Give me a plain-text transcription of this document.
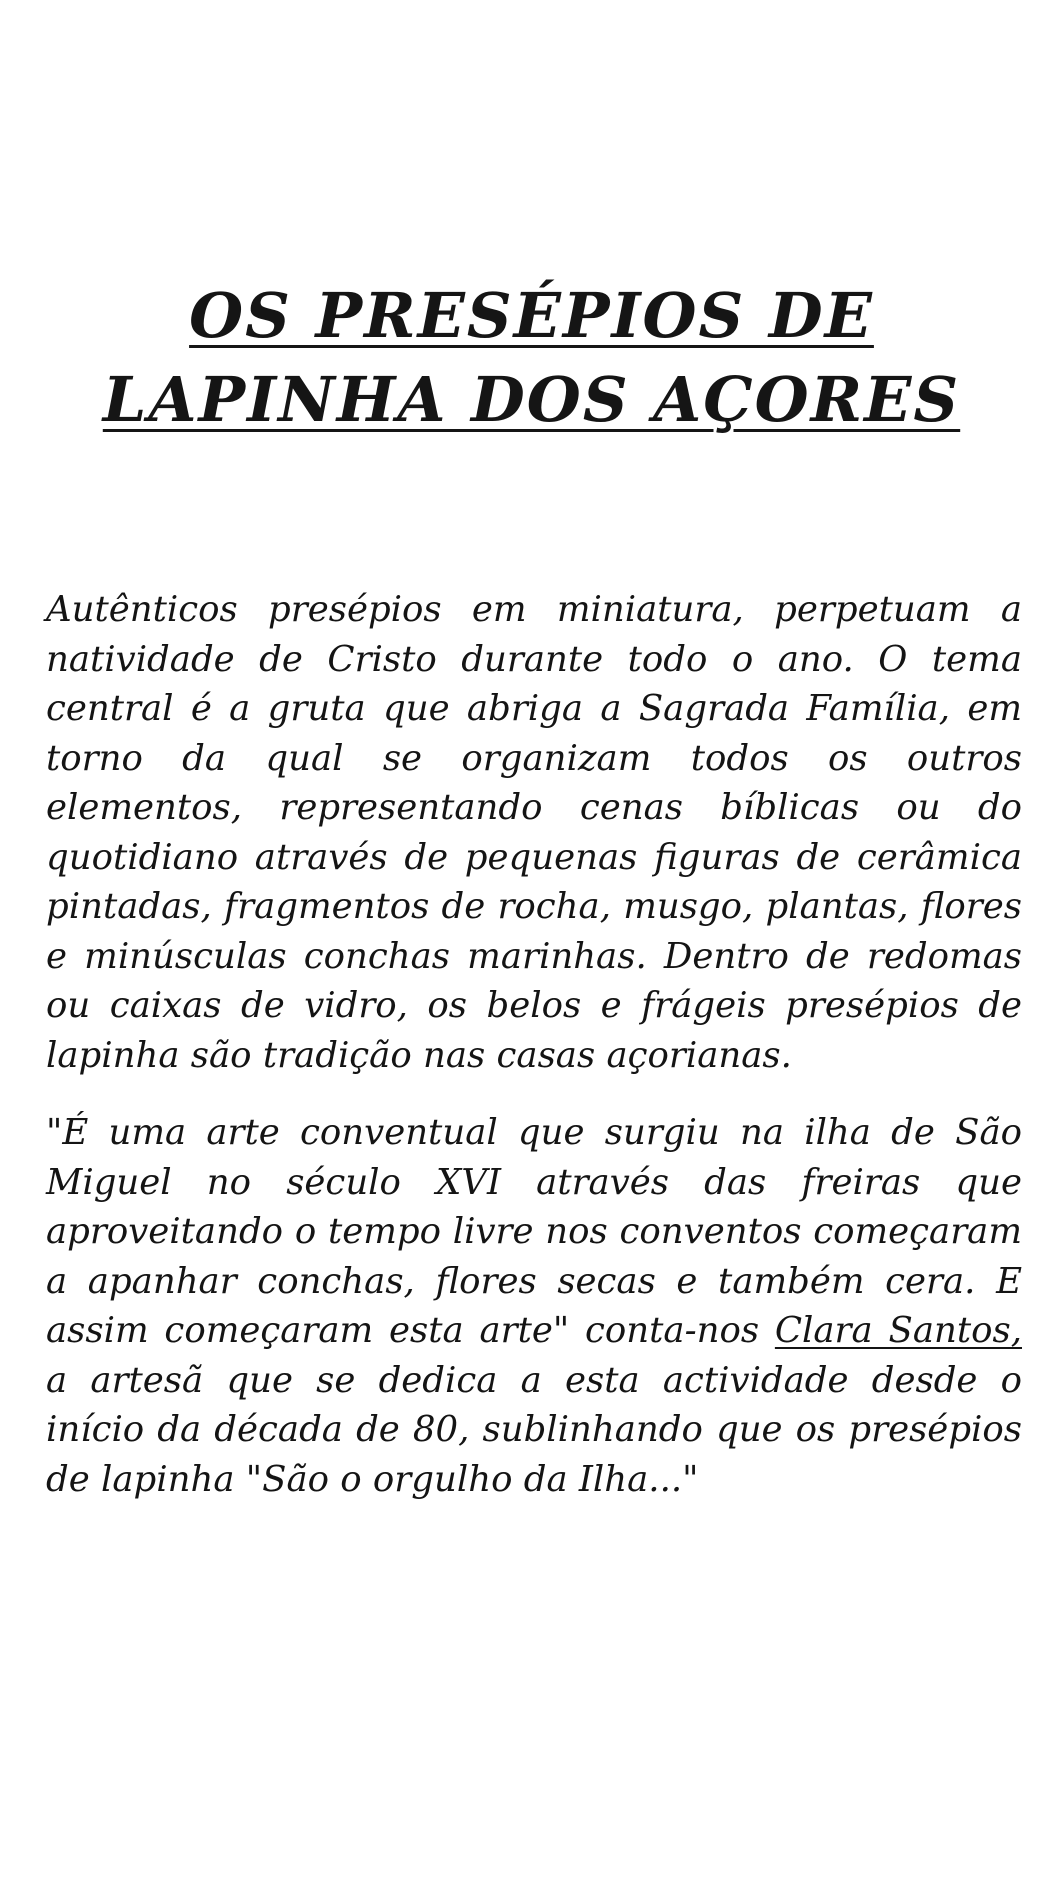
OS PRESÉPIOS DE
LAPINHA DOS AÇORES

Autênticos presépios em miniatura, perpetuam a natividade de Cristo durante todo o ano. O tema central é a gruta que abriga a Sagrada Família, em torno da qual se organizam todos os outros elementos, representando cenas bíblicas ou do quotidiano através de pequenas figuras de cerâmica pintadas, fragmentos de rocha, musgo, plantas, flores e minúsculas conchas marinhas. Dentro de redomas ou caixas de vidro, os belos e frágeis presépios de lapinha são tradição nas casas açorianas.

"É uma arte conventual que surgiu na ilha de São Miguel no século XVI através das freiras que aproveitando o tempo livre nos conventos começaram a apanhar conchas, flores secas e também cera. E assim começaram esta arte" conta-nos Clara Santos, a artesã que se dedica a esta actividade desde o início da década de 80, sublinhando que os presépios de lapinha "São o orgulho da Ilha..."
